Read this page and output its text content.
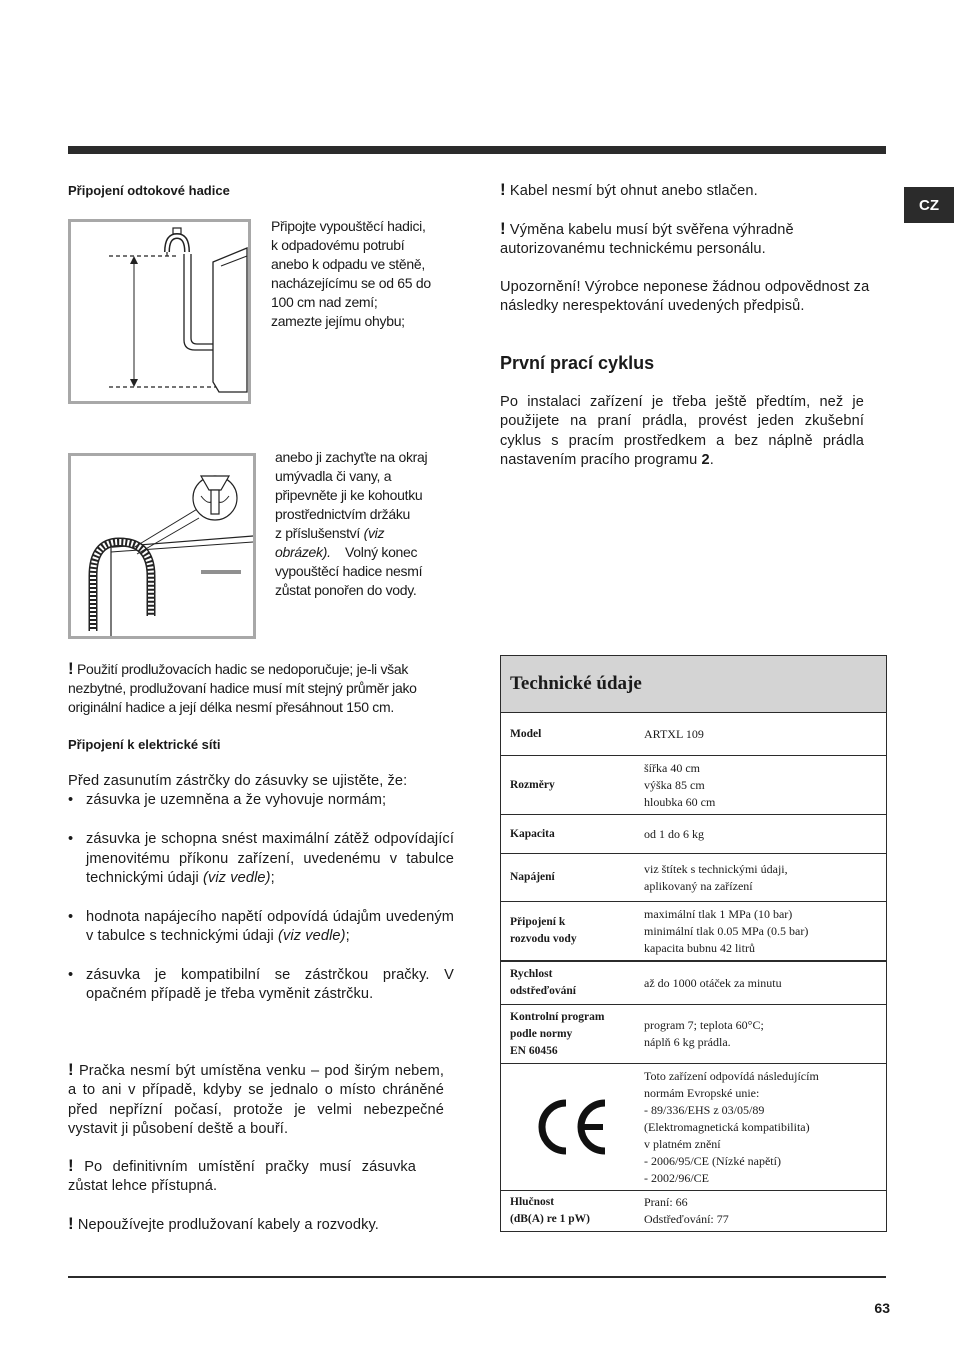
CZ
Připojení odtokové hadice
Připojte vypouštěcí hadici,
k odpadovému potrubí
anebo k odpadu ve stěně,
nacházejícímu se od 65 do
100 cm nad zemí;
zamezte jejímu ohybu;
anebo ji zachyťte na okraj
umývadla či vany, a
připevněte ji ke kohoutku
prostřednictvím držáku
z příslušenství (viz
obrázek). Volný konec
vypouštěcí hadice nesmí
zůstat ponořen do vody.
! Použití prodlužovacích hadic se nedoporučuje; je-li však
nezbytné, prodlužovaní hadice musí mít stejný průměr jako
originální hadice a její délka nesmí přesáhnout 150 cm.
Připojení k elektrické síti
Před zasunutím zástrčky do zásuvky se ujistěte, že:
• zásuvka je uzemněna a že vyhovuje normám;
• zásuvka je schopna snést maximální zátěž odpovídající jmenovitému příkonu zařízení, uvedenému v tabulce technickými údaji (viz vedle);
• hodnota napájecího napětí odpovídá údajům uvedeným v tabulce s technickými údaji (viz vedle);
• zásuvka je kompatibilní se zástrčkou pračky. V opačném případě je třeba vyměnit zástrčku.
! Pračka nesmí být umístěna venku – pod širým nebem, a to ani v případě, kdyby se jednalo o místo chráněné před nepřízní počasí, protože je velmi nebezpečné vystavit ji působení deště a bouří.
! Po definitivním umístění pračky musí zásuvka zůstat lehce přístupná.
! Nepoužívejte prodlužovaní kabely a rozvodky.
! Kabel nesmí být ohnut anebo stlačen.
! Výměna kabelu musí být svěřena výhradně autorizovanému technickému personálu.
Upozornění! Výrobce neponese žádnou odpovědnost za následky nerespektování uvedených předpisů.
První prací cyklus
Po instalaci zařízení je třeba ještě předtím, než je použijete na praní prádla, provést jeden zkušební cyklus s pracím prostředkem a bez náplně prádla nastavením pracího programu 2.
Technické údaje
Model	ARTXL 109
Rozměry
šířka 40 cm
výška 85 cm
hloubka 60 cm
Kapacita	od 1 do 6 kg
Napájení
viz štítek s technickými údaji,
aplikovaný na zařízení
Připojení k
rozvodu vody
maximální tlak 1 MPa (10 bar)
minimální tlak 0.05 MPa (0.5 bar)
kapacita bubnu 42 litrů
Rychlost
odstřeďování
až do 1000 otáček za minutu
Kontrolní program
podle normy
EN 60456
program 7; teplota 60°C;
náplň 6 kg prádla.
Toto zařízení odpovídá následujícím
normám Evropské unie:
- 89/336/EHS z 03/05/89
(Elektromagnetická kompatibilita)
v platném znění
- 2006/95/CE (Nízké napětí)
- 2002/96/CE
Hlučnost
(dB(A) re 1 pW)
Praní: 66
Odstřeďování: 77
63
